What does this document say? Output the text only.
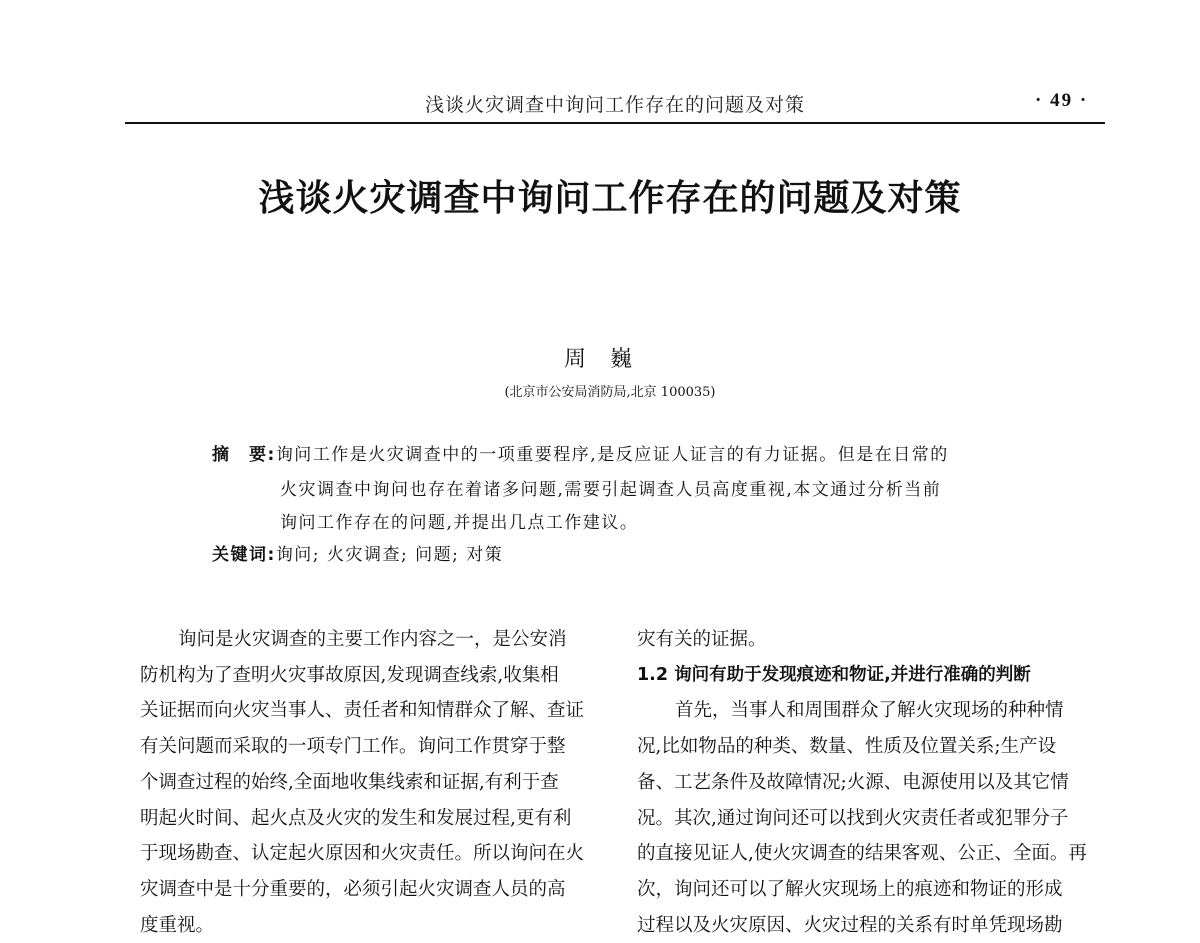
浅谈火灾调查中询问工作存在的问题及对策	· 49 ·
浅谈火灾调查中询问工作存在的问题及对策
周巍
(北京市公安局消防局,北京 100035)
摘　要:询问工作是火灾调查中的一项重要程序,是反应证人证言的有力证据。但是在日常的
火灾调查中询问也存在着诸多问题,需要引起调查人员高度重视,本文通过分析当前
询问工作存在的问题,并提出几点工作建议。
关键词:询问; 火灾调查; 问题; 对策
询问是火灾调查的主要工作内容之一，是公安消
防机构为了查明火灾事故原因,发现调查线索,收集相
关证据而向火灾当事人、责任者和知情群众了解、查证
有关问题而采取的一项专门工作。询问工作贯穿于整
个调查过程的始终,全面地收集线索和证据,有利于查
明起火时间、起火点及火灾的发生和发展过程,更有利
于现场勘查、认定起火原因和火灾责任。所以询问在火
灾调查中是十分重要的，必须引起火灾调查人员的高
度重视。
灾有关的证据。
1.2 询问有助于发现痕迹和物证,并进行准确的判断
首先，当事人和周围群众了解火灾现场的种种情
况,比如物品的种类、数量、性质及位置关系;生产设
备、工艺条件及故障情况;火源、电源使用以及其它情
况。其次,通过询问还可以找到火灾责任者或犯罪分子
的直接见证人,使火灾调查的结果客观、公正、全面。再
次，询问还可以了解火灾现场上的痕迹和物证的形成
过程以及火灾原因、火灾过程的关系有时单凭现场勘
